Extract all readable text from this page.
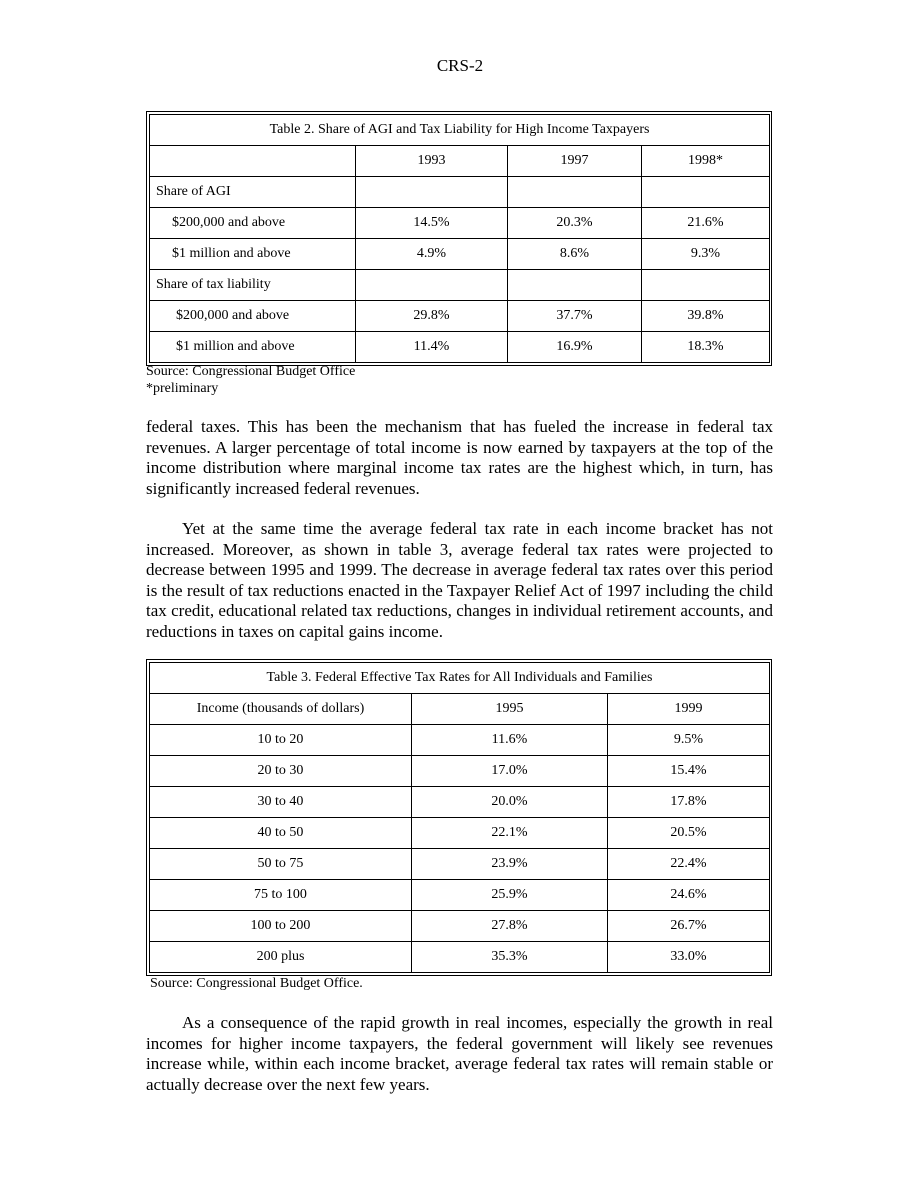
CRS-2
Table 2. Share of AGI and Tax Liability for High Income Taxpayers			
	1993	1997	1998*
Share of AGI			
$200,000 and above	14.5%	20.3%	21.6%
$1 million and above	4.9%	8.6%	9.3%
Share of tax liability			
$200,000 and above	29.8%	37.7%	39.8%
$1 million and above	11.4%	16.9%	18.3%
Source: Congressional Budget Office
*preliminary

federal taxes. This has been the mechanism that has fueled the increase in federal tax revenues. A larger percentage of total income is now earned by taxpayers at the top of the income distribution where marginal income tax rates are the highest which, in turn, has significantly increased federal revenues.

Yet at the same time the average federal tax rate in each income bracket has not increased. Moreover, as shown in table 3, average federal tax rates were projected to decrease between 1995 and 1999. The decrease in average federal tax rates over this period is the result of tax reductions enacted in the Taxpayer Relief Act of 1997 including the child tax credit, educational related tax reductions, changes in individual retirement accounts, and reductions in taxes on capital gains income.

Table 3. Federal Effective Tax Rates for All Individuals and Families		
Income (thousands of dollars)	1995	1999
10 to 20	11.6%	9.5%
20 to 30	17.0%	15.4%
30 to 40	20.0%	17.8%
40 to 50	22.1%	20.5%
50 to 75	23.9%	22.4%
75 to 100	25.9%	24.6%
100 to 200	27.8%	26.7%
200 plus	35.3%	33.0%
Source: Congressional Budget Office.

As a consequence of the rapid growth in real incomes, especially the growth in real incomes for higher income taxpayers, the federal government will likely see revenues increase while, within each income bracket, average federal tax rates will remain stable or actually decrease over the next few years.
